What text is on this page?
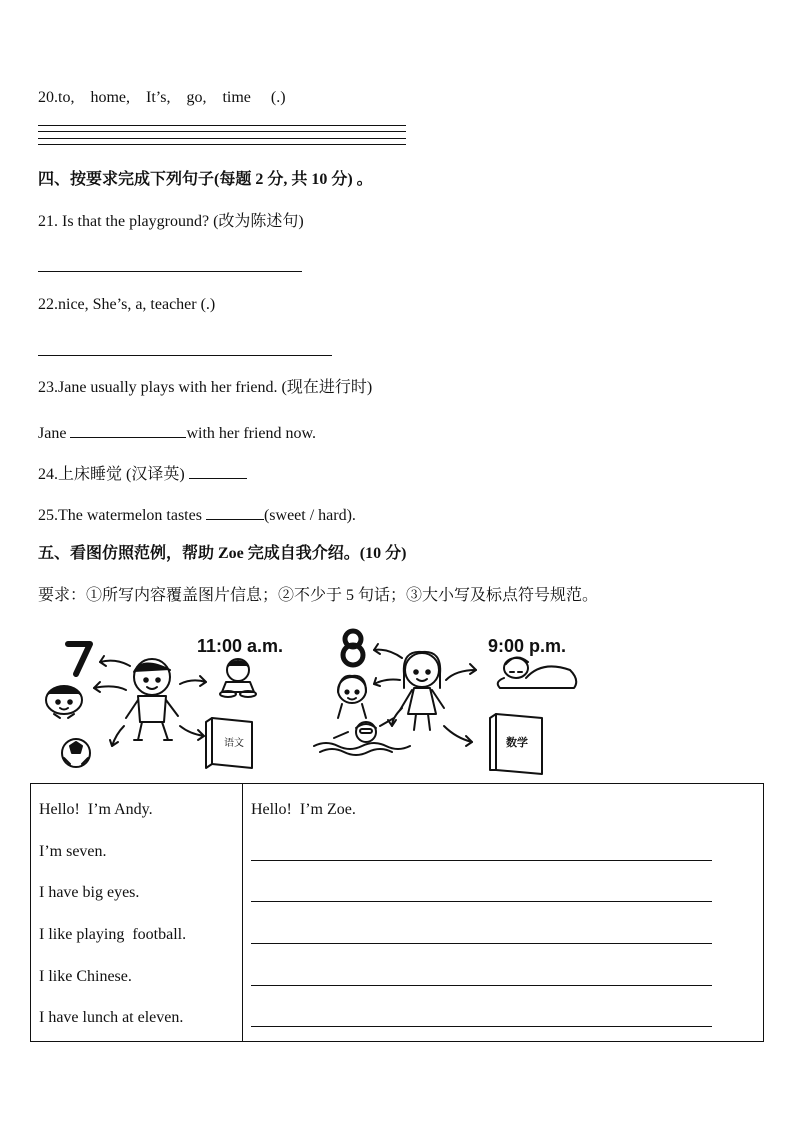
20.to,    home,    It’s,    go,    time     (.)
四、按要求完成下列句子(每题 2 分, 共 10 分) 。
21. Is that the playground? (改为陈述句)
22.nice, She’s, a, teacher (.)
23.Jane usually plays with her friend. (现在进行时)
Jane	with her friend now.
24.上床睡觉 (汉译英)
25.The watermelon tastes	(sweet / hard).
五、看图仿照范例，帮助 Zoe 完成自我介绍。(10 分)
要求：①所写内容覆盖图片信息；②不少于 5 句话；③大小写及标点符号规范。
11:00 a.m.	9:00 p.m.
语文	数学
Hello!  I’m Andy.
I’m seven.
I have big eyes.
I like playing  football.
I like Chinese.
I have lunch at eleven.
Hello!  I’m Zoe.
